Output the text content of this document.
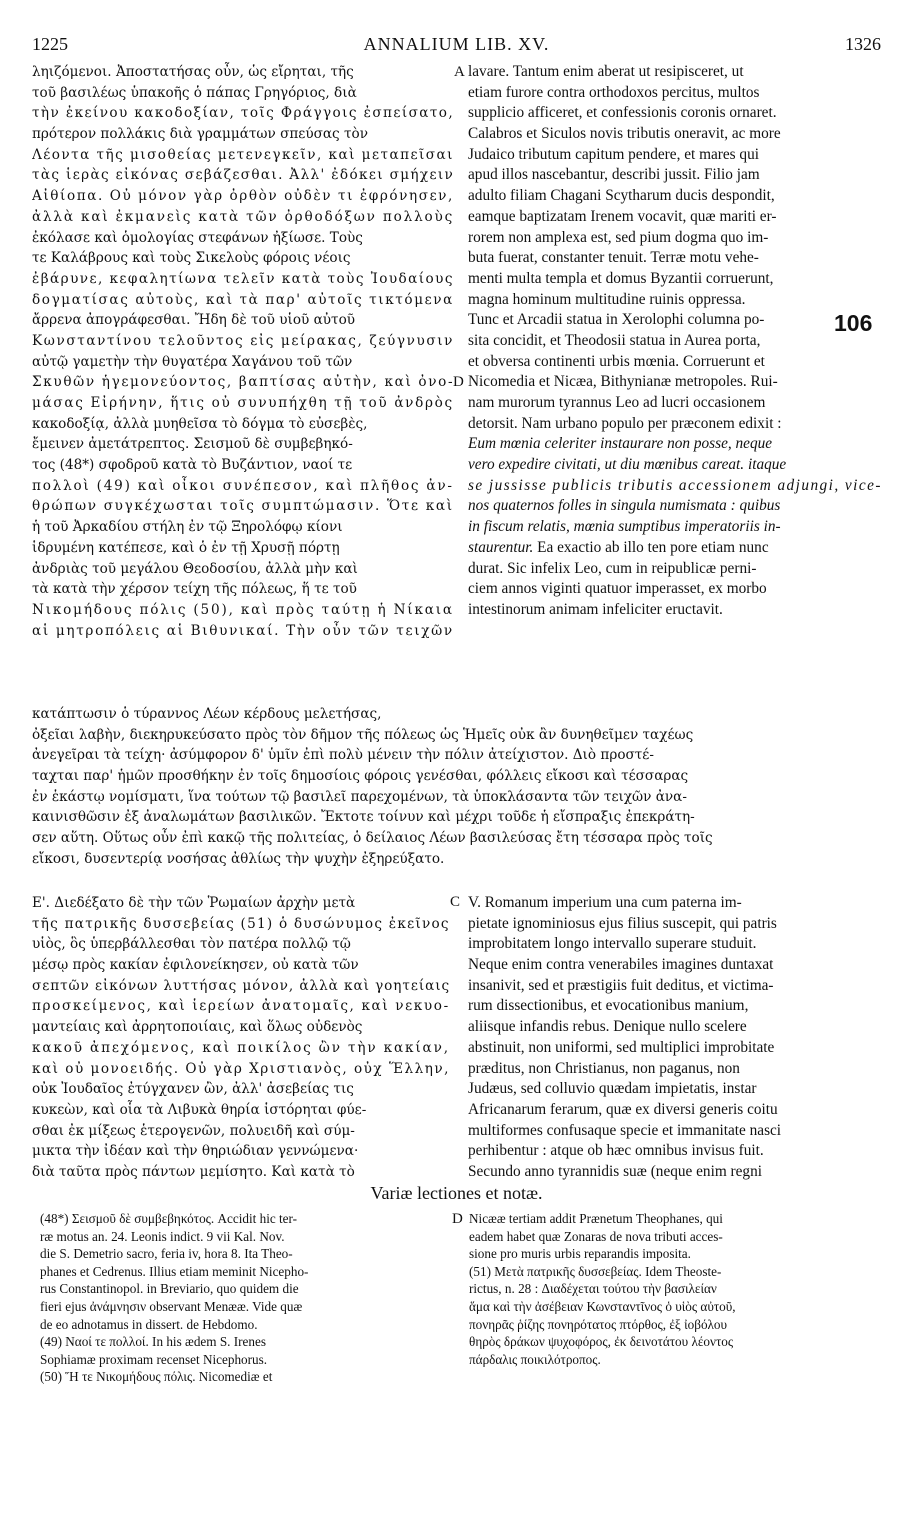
1225	ANNALIUM LIB. XV.	1326
ληιζόμενοι. Ἀποστατήσας οὖν, ὡς εἴρηται, τῆς
τοῦ βασιλέως ὑπακοῆς ὁ πάπας Γρηγόριος, διὰ
τὴν ἐκείνου κακοδοξίαν, τοῖς Φράγγοις ἐσπείσατο,
πρότερον πολλάκις διὰ γραμμάτων σπεύσας τὸν
Λέοντα τῆς μισοθείας μετενεγκεῖν, καὶ μεταπεῖσαι
τὰς ἱερὰς εἰκόνας σεβάζεσθαι. Ἀλλ' ἐδόκει σμήχειν
Αἰθίοπα. Οὐ μόνον γὰρ ὀρθὸν οὐδὲν τι ἐφρόνησεν,
ἀλλὰ καὶ ἐκμανεὶς κατὰ τῶν ὀρθοδόξων πολλοὺς
ἐκόλασε καὶ ὁμολογίας στεφάνων ἠξίωσε. Τοὺς
τε Καλάβρους καὶ τοὺς Σικελοὺς φόροις νέοις
ἐβάρυνε, κεφαλητίωνα τελεῖν κατὰ τοὺς Ἰουδαίους
δογματίσας αὐτοὺς, καὶ τὰ παρ' αὐτοῖς τικτόμενα
ἄρρενα ἀπογράφεσθαι. Ἤδη δὲ τοῦ υἱοῦ αὐτοῦ
Κωνσταντίνου τελοῦντος εἰς μείρακας, ζεύγνυσιν
αὐτῷ γαμετὴν τὴν θυγατέρα Χαγάνου τοῦ τῶν
Σκυθῶν ἡγεμονεύοντος, βαπτίσας αὐτὴν, καὶ ὀνο-
μάσας Εἰρήνην, ἥτις οὐ συνυπήχθη τῇ τοῦ ἀνδρὸς
κακοδοξίᾳ, ἀλλὰ μυηθεῖσα τὸ δόγμα τὸ εὐσεβὲς,
ἔμεινεν ἀμετάτρεπτος. Σεισμοῦ δὲ συμβεβηκό-
τος (48*) σφοδροῦ κατὰ τὸ Βυζάντιον, ναοί τε
πολλοὶ (49) καὶ οἶκοι συνέπεσον, καὶ πλῆθος ἀν-
θρώπων συγκέχωσται τοῖς συμπτώμασιν. Ὅτε καὶ
ἡ τοῦ Ἀρκαδίου στήλη ἐν τῷ Ξηρολόφῳ κίονι
ἱδρυμένη κατέπεσε, καὶ ὁ ἐν τῇ Χρυσῇ πόρτῃ
ἀνδριὰς τοῦ μεγάλου Θεοδοσίου, ἀλλὰ μὴν καὶ
τὰ κατὰ τὴν χέρσον τείχη τῆς πόλεως, ἥ τε τοῦ
Νικομήδους πόλις (50), καὶ πρὸς ταύτῃ ἡ Νίκαια
αἱ μητροπόλεις αἱ Βιθυνικαί. Τὴν οὖν τῶν τειχῶν
lavare. Tantum enim aberat ut resipisceret, ut
etiam furore contra orthodoxos percitus, multos
supplicio afficeret, et confessionis coronis ornaret.
Calabros et Siculos novis tributis oneravit, ac more
Judaico tributum capitum pendere, et mares qui
apud illos nascebantur, describi jussit. Filio jam
adulto filiam Chagani Scytharum ducis despondit,
eamque baptizatam Irenem vocavit, quæ mariti er-
rorem non amplexa est, sed pium dogma quo im-
buta fuerat, constanter tenuit. Terræ motu vehe-
menti multa templa et domus Byzantii corruerunt,
magna hominum multitudine ruinis oppressa.
Tunc et Arcadii statua in Xerolophi columna po-
sita concidit, et Theodosii statua in Aurea porta,
et obversa continenti urbis mœnia. Corruerunt et
Nicomedia et Nicæa, Bithynianæ metropoles. Rui-
nam murorum tyrannus Leo ad lucri occasionem
detorsit. Nam urbano populo per præconem edixit :
Eum mœnia celeriter instaurare non posse, neque
vero expedire civitati, ut diu mœnibus careat. itaque
se jussisse publicis tributis accessionem adjungi, vice-
nos quaternos folles in singula numismata : quibus
in fiscum relatis, mœnia sumptibus imperatoriis in-
staurentur. Ea exactio ab illo ten pore etiam nunc
durat. Sic infelix Leo, cum in reipublicæ perni-
ciem annos viginti quatuor imperasset, ex morbo
intestinorum animam infeliciter eructavit.
A
D
106
κατάπτωσιν ὁ τύραννος Λέων κέρδους μελετήσας,
ὀξεῖαι λαβὴν, διεκηρυκεύσατο πρὸς τὸν δῆμον τῆς πόλεως ὡς Ἡμεῖς οὐκ ἂν δυνηθεῖμεν ταχέως
ἀνεγεῖραι τὰ τείχη· ἀσύμφορον δ' ὑμῖν ἐπὶ πολὺ μένειν τὴν πόλιν ἀτείχιστον. Διὸ προστέ-
ταχται παρ' ἡμῶν προσθήκην ἐν τοῖς δημοσίοις φόροις γενέσθαι, φόλλεις εἴκοσι καὶ τέσσαρας
ἐν ἑκάστῳ νομίσματι, ἵνα τούτων τῷ βασιλεῖ παρεχομένων, τὰ ὑποκλάσαντα τῶν τειχῶν ἀνα-
καινισθῶσιν ἐξ ἀναλωμάτων βασιλικῶν. Ἔκτοτε τοίνυν καὶ μέχρι τοῦδε ἡ εἴσπραξις ἐπεκράτη-
σεν αὕτη. Οὕτως οὖν ἐπὶ κακῷ τῆς πολιτείας, ὁ δείλαιος Λέων βασιλεύσας ἔτη τέσσαρα πρὸς τοῖς
εἴκοσι, δυσεντερίᾳ νοσήσας ἀθλίως τὴν ψυχὴν ἐξηρεύξατο.
Ε'. Διεδέξατο δὲ τὴν τῶν Ῥωμαίων ἀρχὴν μετὰ
τῆς πατρικῆς δυσσεβείας (51) ὁ δυσώνυμος ἐκεῖνος
υἱὸς, ὃς ὑπερβάλλεσθαι τὸν πατέρα πολλῷ τῷ
μέσῳ πρὸς κακίαν ἐφιλονείκησεν, οὐ κατὰ τῶν
σεπτῶν εἰκόνων λυττήσας μόνον, ἀλλὰ καὶ γοητείαις
προσκείμενος, καὶ ἱερείων ἀνατομαῖς, καὶ νεκυο-
μαντείαις καὶ ἀρρητοποιίαις, καὶ ὅλως οὐδενὸς
κακοῦ ἀπεχόμενος, καὶ ποικίλος ὢν τὴν κακίαν,
καὶ οὐ μονοειδής. Οὐ γὰρ Χριστιανὸς, οὐχ Ἕλλην,
οὐκ Ἰουδαῖος ἐτύγχανεν ὢν, ἀλλ' ἀσεβείας τις
κυκεὼν, καὶ οἷα τὰ Λιβυκὰ θηρία ἱστόρηται φύε-
σθαι ἐκ μίξεως ἑτερογενῶν, πολυειδῆ καὶ σύμ-
μικτα τὴν ἰδέαν καὶ τὴν θηριώδιαν γεννώμενα·
διὰ ταῦτα πρὸς πάντων μεμίσητο. Καὶ κατὰ τὸ
C V. Romanum imperium una cum paterna im-
pietate ignominiosus ejus filius suscepit, qui patris
improbitatem longo intervallo superare studuit.
Neque enim contra venerabiles imagines duntaxat
insanivit, sed et præstigiis fuit deditus, et victima-
rum dissectionibus, et evocationibus manium,
aliisque infandis rebus. Denique nullo scelere
abstinuit, non uniformi, sed multiplici improbitate
præditus, non Christianus, non paganus, non
Judæus, sed colluvio quædam impietatis, instar
Africanarum ferarum, quæ ex diversi generis coitu
multiformes confusaque specie et immanitate nasci
perhibentur : atque ob hæc omnibus invisus fuit.
Secundo anno tyrannidis suæ (neque enim regni
Variæ lectiones et notæ.
(48*) Σεισμοῦ δὲ συμβεβηκότος. Accidit hic ter-
ræ motus an. 24. Leonis indict. 9 vii Kal. Nov.
die S. Demetrio sacro, feria iv, hora 8. Ita Theo-
phanes et Cedrenus. Illius etiam meminit Nicepho-
rus Constantinopol. in Breviario, quo quidem die
fieri ejus ἀνάμνησιν observant Menææ. Vide quæ
de eo adnotamus in dissert. de Hebdomo.
(49) Ναοί τε πολλοί. In his ædem S. Irenes
Sophiamæ proximam recenset Nicephorus.
(50) Ἥ τε Νικομήδους πόλις. Nicomediæ et
D Nicææ tertiam addit Prænetum Theophanes, qui
eadem habet quæ Zonaras de nova tributi acces-
sione pro muris urbis reparandis imposita.
(51) Μετὰ πατρικῆς δυσσεβείας. Idem Theoste-
rictus, n. 28 : Διαδέχεται τούτου τὴν βασιλείαν
ἅμα καὶ τὴν ἀσέβειαν Κωνσταντῖνος ὁ υἱὸς αὐτοῦ,
πονηρᾶς ῥίζης πονηρότατος πτόρθος, ἐξ ἰοβόλου
θηρὸς δράκων ψυχοφόρος, ἐκ δεινοτάτου λέοντος
πάρδαλις ποικιλότροπος.
